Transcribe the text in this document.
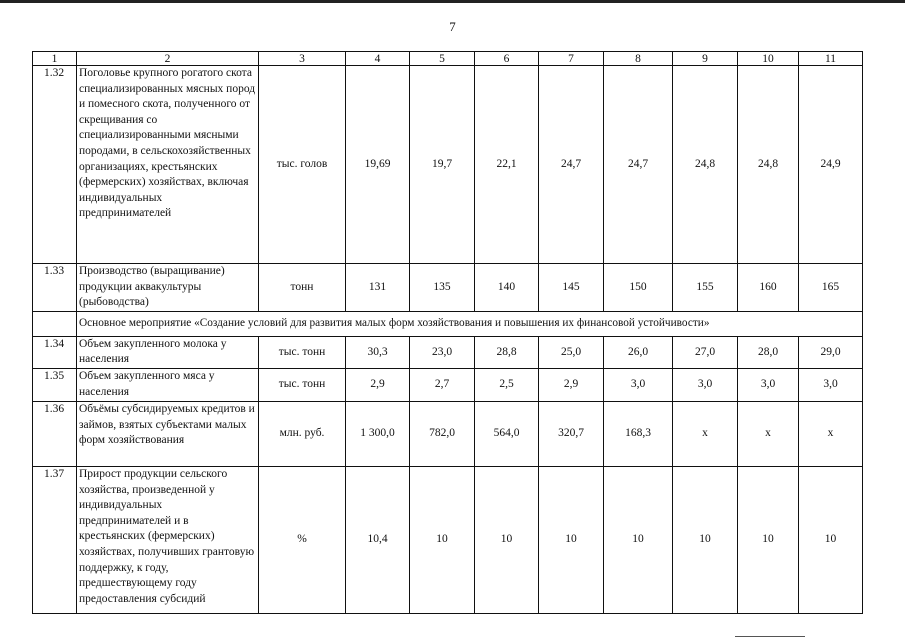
7
1	2	3	4	5	6	7	8	9	10	11
1.32	Поголовье крупного рогатого скота специализированных мясных пород и помесного скота, полученного от скрещивания со специализированными мясными породами, в сельскохозяйственных организациях, крестьянских (фермерских) хозяйствах, включая индивидуальных предпринимателей	тыс. голов	19,69	19,7	22,1	24,7	24,7	24,8	24,8	24,9
1.33	Производство (выращивание) продукции аквакультуры (рыбоводства)	тонн	131	135	140	145	150	155	160	165
	Основное мероприятие «Создание условий для развития малых форм хозяйствования и повышения их финансовой устойчивости»									
1.34	Объем закупленного молока у населения	тыс. тонн	30,3	23,0	28,8	25,0	26,0	27,0	28,0	29,0
1.35	Объем закупленного мяса у населения	тыс. тонн	2,9	2,7	2,5	2,9	3,0	3,0	3,0	3,0
1.36	Объёмы субсидируемых кредитов и займов, взятых субъектами малых форм хозяйствования	млн. руб.	1 300,0	782,0	564,0	320,7	168,3	х	х	х
1.37	Прирост продукции сельского хозяйства, произведенной у индивидуальных предпринимателей и в крестьянских (фермерских) хозяйствах, получивших грантовую поддержку, к году, предшествующему году предоставления субсидий	%	10,4	10	10	10	10	10	10	10
